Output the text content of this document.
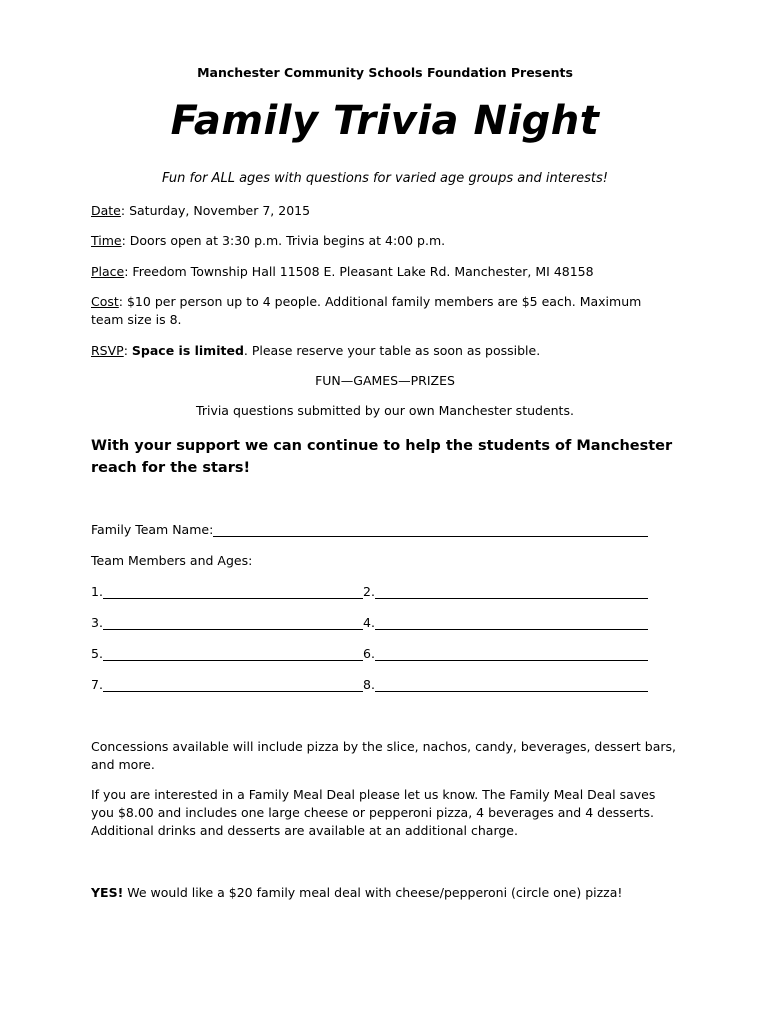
Manchester Community Schools Foundation Presents
Family Trivia Night
Fun for ALL ages with questions for varied age groups and interests!
Date: Saturday, November 7, 2015
Time: Doors open at 3:30 p.m. Trivia begins at 4:00 p.m.
Place: Freedom Township Hall 11508 E. Pleasant Lake Rd. Manchester, MI 48158
Cost: $10 per person up to 4 people. Additional family members are $5 each. Maximum team size is 8.
RSVP: Space is limited. Please reserve your table as soon as possible.
FUN—GAMES—PRIZES
Trivia questions submitted by our own Manchester students.
With your support we can continue to help the students of Manchester reach for the stars!
Family Team Name:
Team Members and Ages:
1.	2.
3.	4.
5.	6.
7.	8.
Concessions available will include pizza by the slice, nachos, candy, beverages, dessert bars, and more.
If you are interested in a Family Meal Deal please let us know. The Family Meal Deal saves you $8.00 and includes one large cheese or pepperoni pizza, 4 beverages and 4 desserts. Additional drinks and desserts are available at an additional charge.
YES! We would like a $20 family meal deal with cheese/pepperoni (circle one) pizza!
